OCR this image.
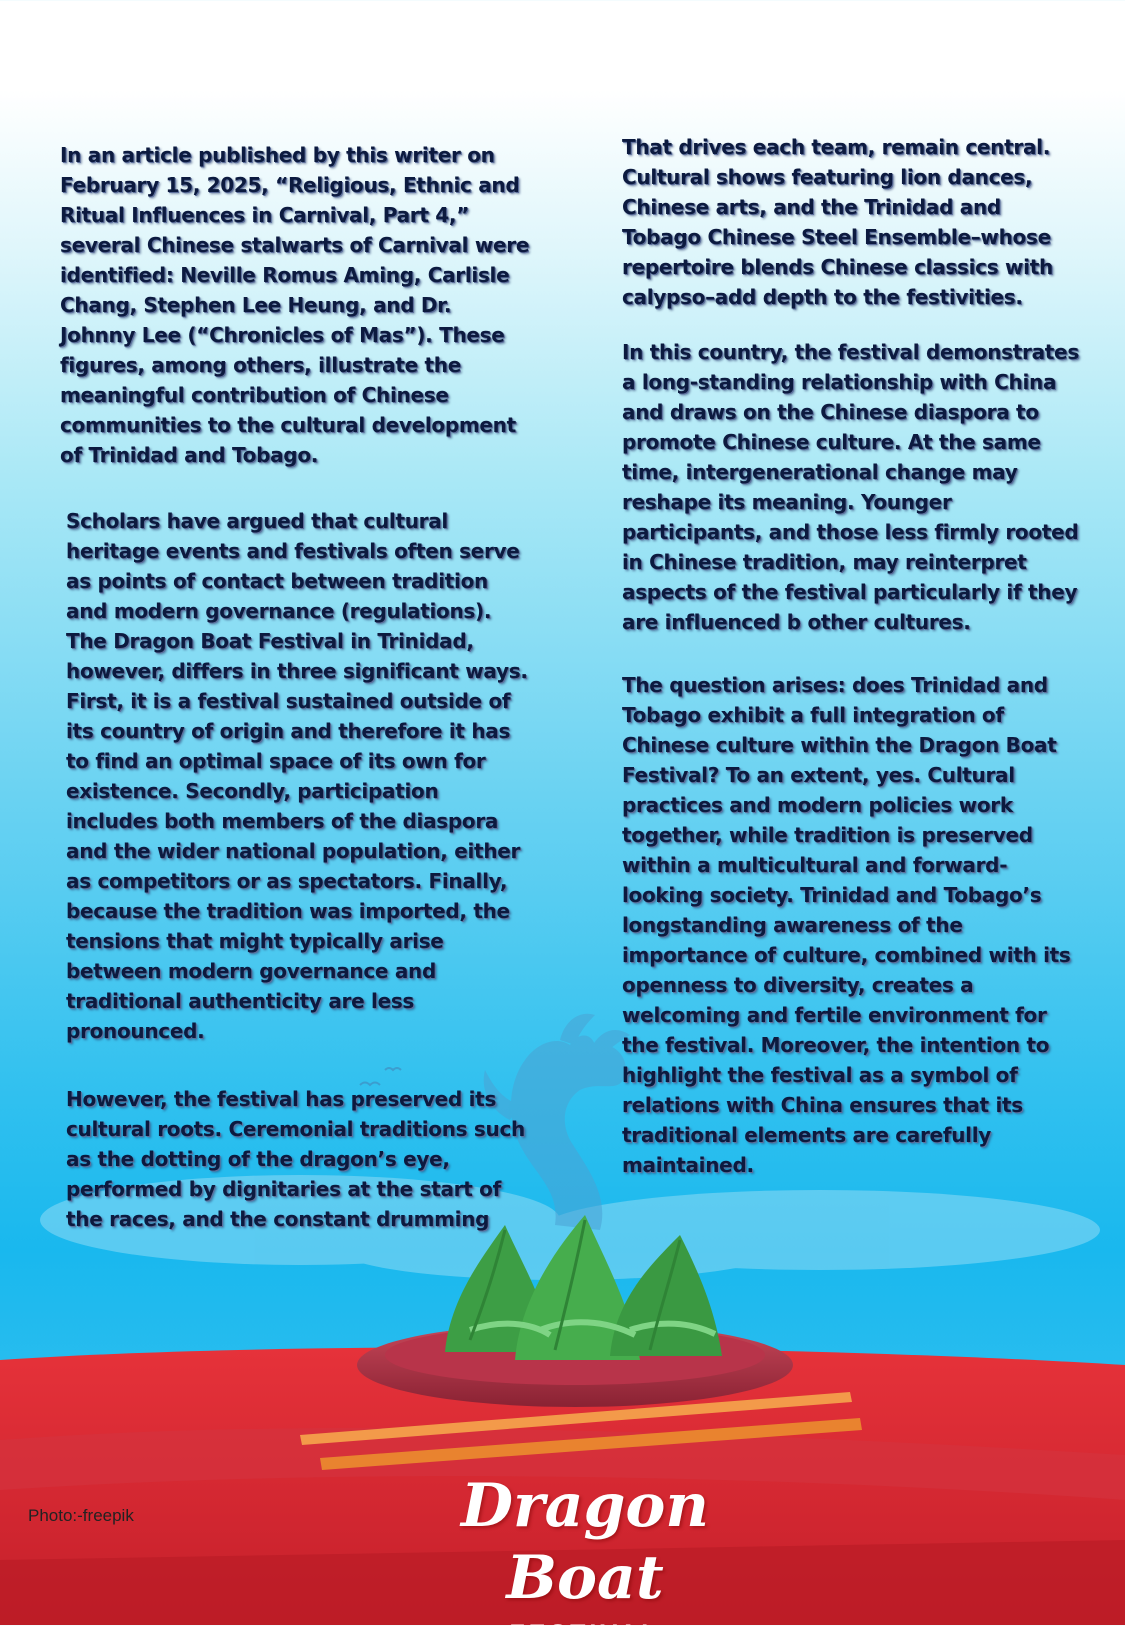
In an article published by this writer on February 15, 2025, “Religious, Ethnic and Ritual Influences in Carnival, Part 4,” several Chinese stalwarts of Carnival were identified: Neville Romus Aming, Carlisle Chang, Stephen Lee Heung, and Dr. Johnny Lee (“Chronicles of Mas”). These figures, among others, illustrate the meaningful contribution of Chinese communities to the cultural development of Trinidad and Tobago.

Scholars have argued that cultural heritage events and festivals often serve as points of contact between tradition and modern governance (regulations). The Dragon Boat Festival in Trinidad, however, differs in three significant ways. First, it is a festival sustained outside of its country of origin and therefore it has to find an optimal space of its own for existence. Secondly, participation includes both members of the diaspora and the wider national population, either as competitors or as spectators. Finally, because the tradition was imported, the tensions that might typically arise between modern governance and traditional authenticity are less pronounced.

However, the festival has preserved its cultural roots. Ceremonial traditions such as the dotting of the dragon’s eye, performed by dignitaries at the start of the races, and the constant drumming

That drives each team, remain central. Cultural shows featuring lion dances, Chinese arts, and the Trinidad and Tobago Chinese Steel Ensemble–whose repertoire blends Chinese classics with calypso–add depth to the festivities.

In this country, the festival demonstrates a long-standing relationship with China and draws on the Chinese diaspora to promote Chinese culture. At the same time, intergenerational change may reshape its meaning. Younger participants, and those less firmly rooted in Chinese tradition, may reinterpret aspects of the festival particularly if they are influenced b other cultures.

The question arises: does Trinidad and Tobago exhibit a full integration of Chinese culture within the Dragon Boat Festival? To an extent, yes. Cultural practices and modern policies work together, while tradition is preserved within a multicultural and forward-looking society. Trinidad and Tobago’s longstanding awareness of the importance of culture, combined with its openness to diversity, creates a welcoming and fertile environment for the festival. Moreover, the intention to highlight the festival as a symbol of relations with China ensures that its traditional elements are carefully maintained.

Photo:-freepik	Dragon Boat
FESTIVAL
